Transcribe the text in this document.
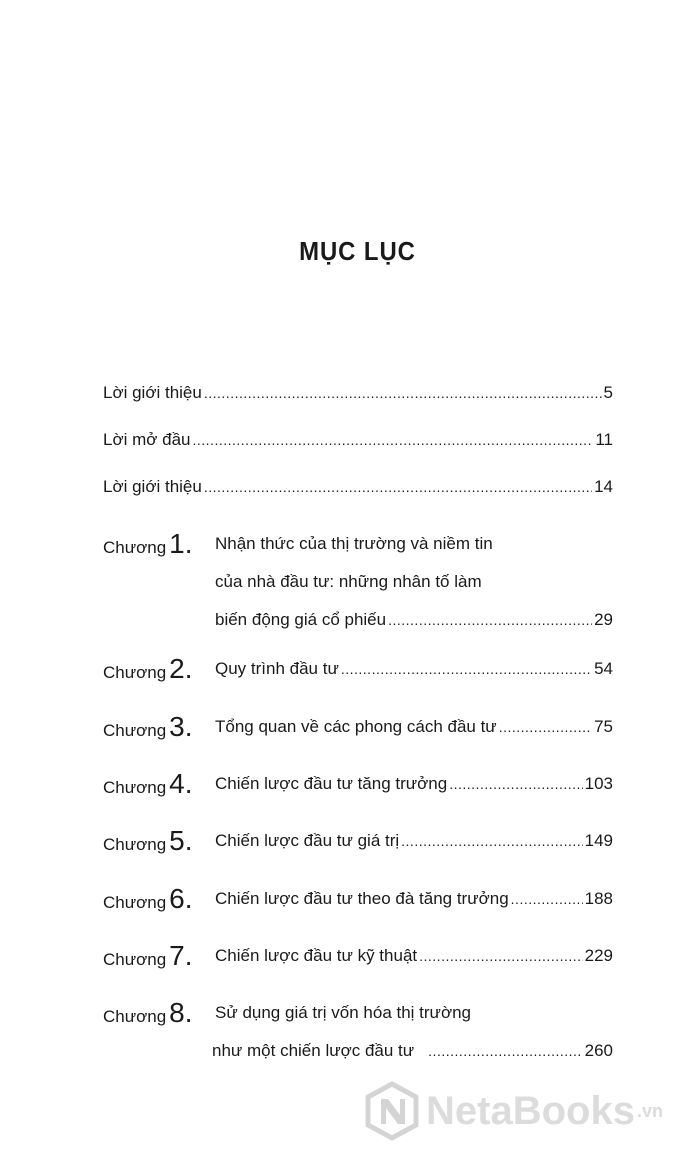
MỤC LỤC
Lời giới thiệu .....	5
Lời mở đầu .....	11
Lời giới thiệu .....	14
Chương 1. Nhận thức của thị trường và niềm tin
của nhà đầu tư: những nhân tố làm
biến động giá cổ phiếu .....	29
Chương 2. Quy trình đầu tư .....	54
Chương 3. Tổng quan về các phong cách đầu tư .....	75
Chương 4. Chiến lược đầu tư tăng trưởng .....	103
Chương 5. Chiến lược đầu tư giá trị .....	149
Chương 6. Chiến lược đầu tư theo đà tăng trưởng .....	188
Chương 7. Chiến lược đầu tư kỹ thuật .....	229
Chương 8. Sử dụng giá trị vốn hóa thị trường
như một chiến lược đầu tư .....	260
NetaBooks .vn
